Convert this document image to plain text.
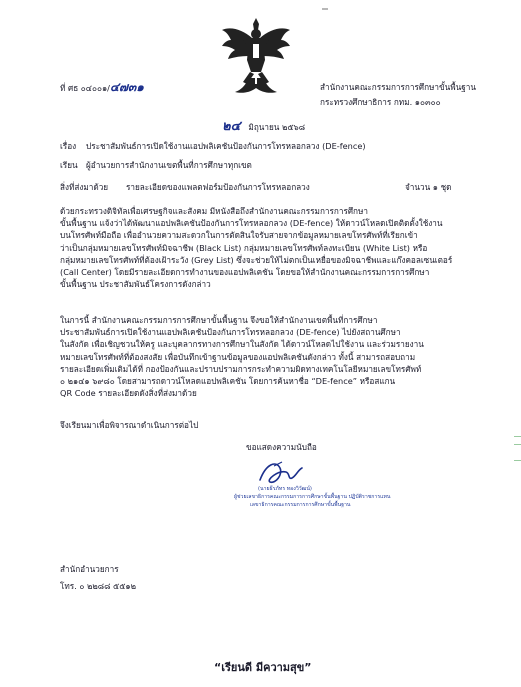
ที่ ศธ ๐๔๐๐๑/๔๗๓๑	สำนักงานคณะกรรมการการศึกษาขั้นพื้นฐาน
กระทรวงศึกษาธิการ กทม. ๑๐๓๐๐
๒๔ มิถุนายน ๒๕๖๘
เรื่อง ประชาสัมพันธ์การเปิดใช้งานแอปพลิเคชันป้องกันการโทรหลอกลวง (DE-fence)
เรียน ผู้อำนวยการสำนักงานเขตพื้นที่การศึกษาทุกเขต
สิ่งที่ส่งมาด้วย รายละเอียดของแพลตฟอร์มป้องกันการโทรหลอกลวง	จำนวน ๑ ชุด
ด้วยกระทรวงดิจิทัลเพื่อเศรษฐกิจและสังคม มีหนังสือถึงสำนักงานคณะกรรมการการศึกษา
ขั้นพื้นฐาน แจ้งว่าได้พัฒนาแอปพลิเคชันป้องกันการโทรหลอกลวง (DE-fence) ให้ดาวน์โหลดเปิดติดตั้งใช้งาน
บนโทรศัพท์มือถือ เพื่ออำนวยความสะดวกในการตัดสินใจรับสายจากข้อมูลหมายเลขโทรศัพท์ที่เรียกเข้า
ว่าเป็นกลุ่มหมายเลขโทรศัพท์มิจฉาชีพ (Black List) กลุ่มหมายเลขโทรศัพท์ลงทะเบียน (White List) หรือ
กลุ่มหมายเลขโทรศัพท์ที่ต้องเฝ้าระวัง (Grey List) ซึ่งจะช่วยให้ไม่ตกเป็นเหยื่อของมิจฉาชีพและแก๊งคอลเซนเตอร์
(Call Center) โดยมีรายละเอียดการทำงานของแอปพลิเคชัน โดยขอให้สำนักงานคณะกรรมการการศึกษา
ขั้นพื้นฐาน ประชาสัมพันธ์โครงการดังกล่าว
ในการนี้ สำนักงานคณะกรรมการการศึกษาขั้นพื้นฐาน จึงขอให้สำนักงานเขตพื้นที่การศึกษา
ประชาสัมพันธ์การเปิดใช้งานแอปพลิเคชันป้องกันการโทรหลอกลวง (DE-fence) ไปยังสถานศึกษา
ในสังกัด เพื่อเชิญชวนให้ครู และบุคลากรทางการศึกษาในสังกัด ได้ดาวน์โหลดไปใช้งาน และร่วมรายงาน
หมายเลขโทรศัพท์ที่ต้องสงสัย เพื่อบันทึกเข้าฐานข้อมูลของแอปพลิเคชันดังกล่าว ทั้งนี้ สามารถสอบถาม
รายละเอียดเพิ่มเติมได้ที่ กองป้องกันและปราบปรามการกระทำความผิดทางเทคโนโลยีหมายเลขโทรศัพท์
๐ ๒๑๔๑ ๖๙๘๐ โดยสามารถดาวน์โหลดแอปพลิเคชัน โดยการค้นหาชื่อ “DE-fence” หรือสแกน
QR Code รายละเอียดดังสิ่งที่ส่งมาด้วย
จึงเรียนมาเพื่อพิจารณาดำเนินการต่อไป
ขอแสดงความนับถือ
(นายธีรภัทร ทองวิวัฒน์)
ผู้ช่วยเลขาธิการคณะกรรมการการศึกษาขั้นพื้นฐาน ปฏิบัติราชการแทน
เลขาธิการคณะกรรมการการศึกษาขั้นพื้นฐาน
สำนักอำนวยการ
โทร. ๐ ๒๒๘๘ ๕๕๑๒
“เรียนดี มีความสุข”
